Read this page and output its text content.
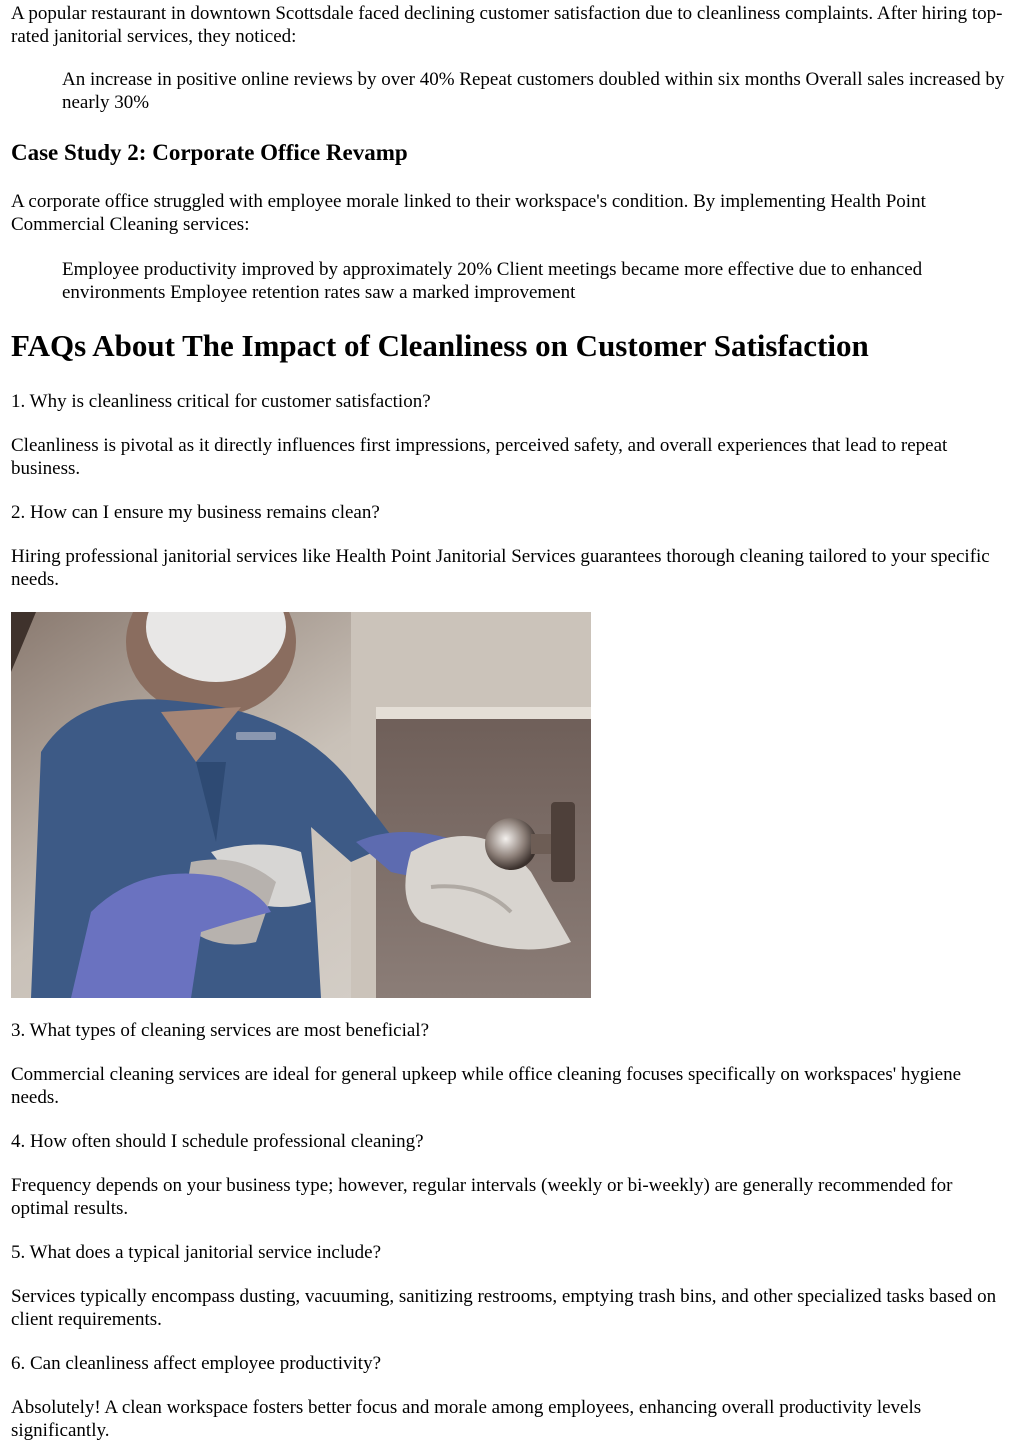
A popular restaurant in downtown Scottsdale faced declining customer satisfaction due to cleanliness complaints. After hiring top-rated janitorial services, they noticed:

An increase in positive online reviews by over 40% Repeat customers doubled within six months Overall sales increased by nearly 30%

Case Study 2: Corporate Office Revamp

A corporate office struggled with employee morale linked to their workspace's condition. By implementing Health Point Commercial Cleaning services:

Employee productivity improved by approximately 20% Client meetings became more effective due to enhanced environments Employee retention rates saw a marked improvement

FAQs About The Impact of Cleanliness on Customer Satisfaction

1. Why is cleanliness critical for customer satisfaction?

Cleanliness is pivotal as it directly influences first impressions, perceived safety, and overall experiences that lead to repeat business.

2. How can I ensure my business remains clean?

Hiring professional janitorial services like Health Point Janitorial Services guarantees thorough cleaning tailored to your specific needs.

3. What types of cleaning services are most beneficial?

Commercial cleaning services are ideal for general upkeep while office cleaning focuses specifically on workspaces' hygiene needs.

4. How often should I schedule professional cleaning?

Frequency depends on your business type; however, regular intervals (weekly or bi-weekly) are generally recommended for optimal results.

5. What does a typical janitorial service include?

Services typically encompass dusting, vacuuming, sanitizing restrooms, emptying trash bins, and other specialized tasks based on client requirements.

6. Can cleanliness affect employee productivity?

Absolutely! A clean workspace fosters better focus and morale among employees, enhancing overall productivity levels significantly.
